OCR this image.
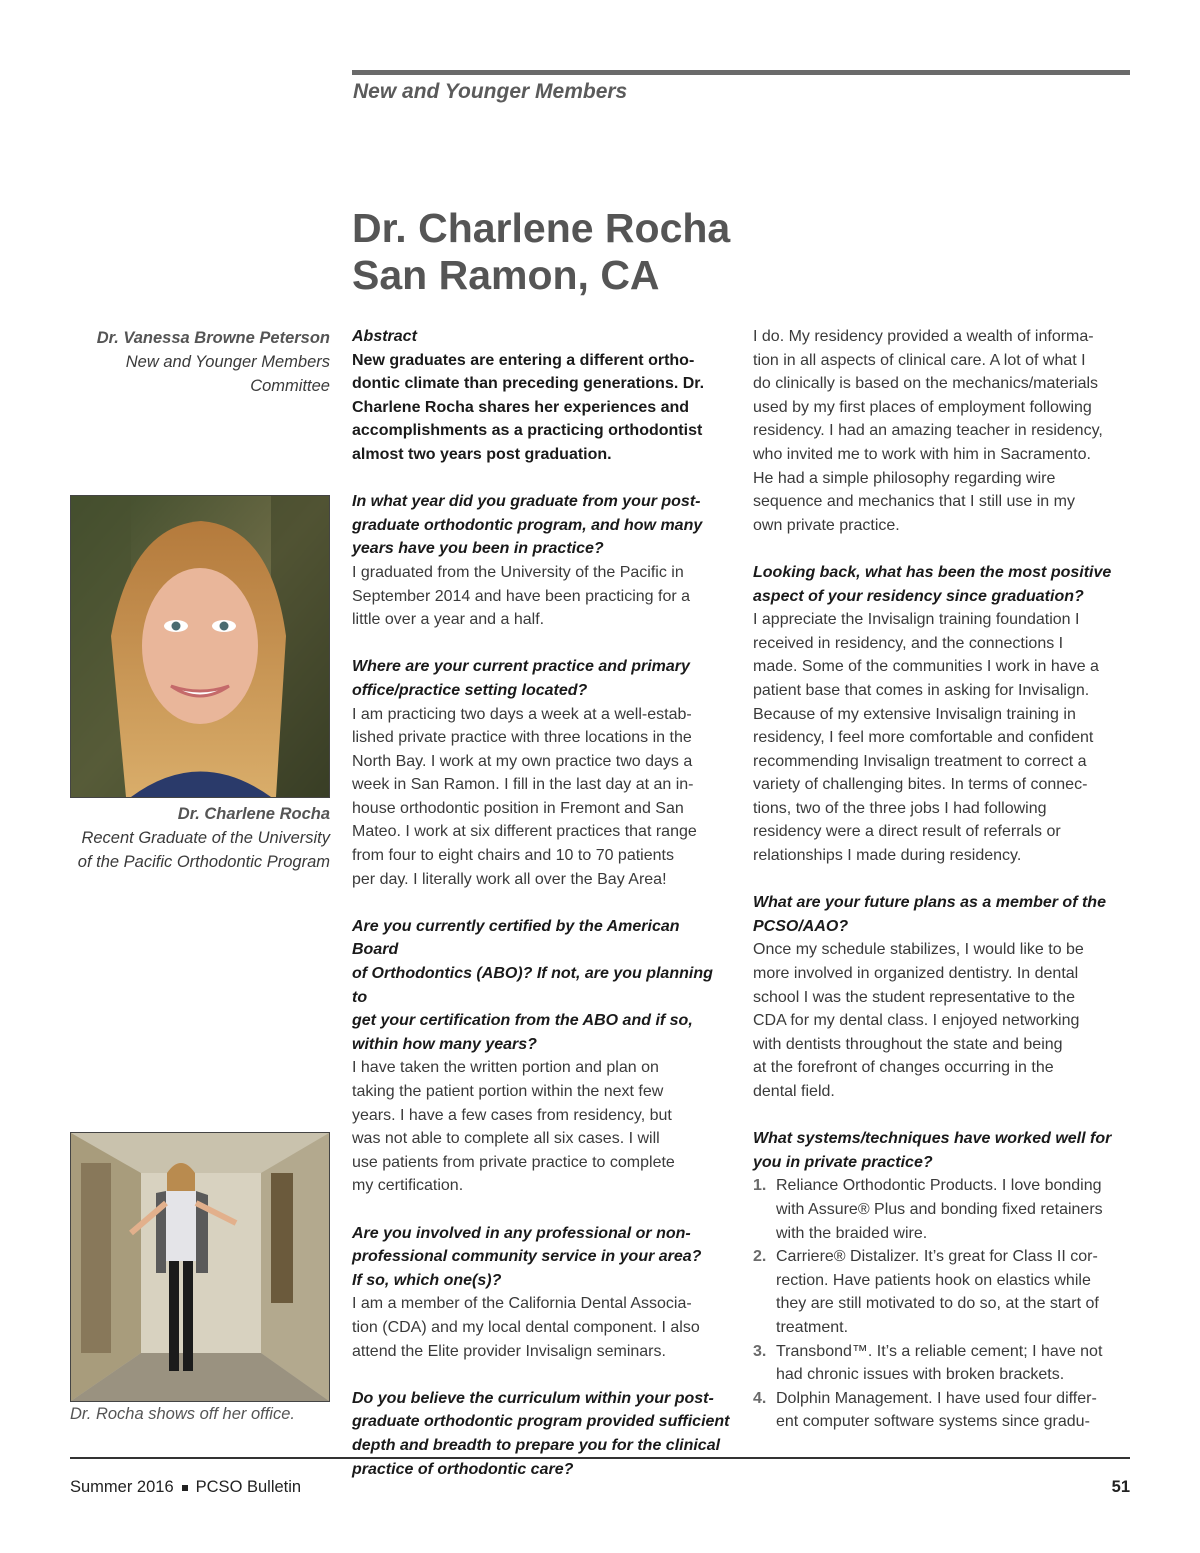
New and Younger Members
Dr. Charlene Rocha
San Ramon, CA
Dr. Vanessa Browne Peterson
New and Younger Members
Committee
Dr. Charlene Rocha
Recent Graduate of the University
of the Pacific Orthodontic Program
Dr. Rocha shows off her office.

Abstract

New graduates are entering a different ortho-

dontic climate than preceding generations. Dr.

Charlene Rocha shares her experiences and

accomplishments as a practicing orthodontist

almost two years post graduation.

In what year did you graduate from your post-

graduate orthodontic program, and how many

years have you been in practice?

I graduated from the University of the Pacific in

September 2014 and have been practicing for a

little over a year and a half.

Where are your current practice and primary

office/practice setting located?

I am practicing two days a week at a well-estab-

lished private practice with three locations in the

North Bay. I work at my own practice two days a

week in San Ramon. I fill in the last day at an in-

house orthodontic position in Fremont and San

Mateo. I work at six different practices that range

from four to eight chairs and 10 to 70 patients

per day. I literally work all over the Bay Area!

Are you currently certified by the American Board

of Orthodontics (ABO)? If not, are you planning to

get your certification from the ABO and if so,

within how many years?

I have taken the written portion and plan on

taking the patient portion within the next few

years. I have a few cases from residency, but

was not able to complete all six cases. I will

use patients from private practice to complete

my certification.

Are you involved in any professional or non-

professional community service in your area?

If so, which one(s)?

I am a member of the California Dental Associa-

tion (CDA) and my local dental component. I also

attend the Elite provider Invisalign seminars.

Do you believe the curriculum within your post-

graduate orthodontic program provided sufficient

depth and breadth to prepare you for the clinical

practice of orthodontic care?

I do. My residency provided a wealth of informa-

tion in all aspects of clinical care. A lot of what I

do clinically is based on the mechanics/materials

used by my first places of employment following

residency. I had an amazing teacher in residency,

who invited me to work with him in Sacramento.

He had a simple philosophy regarding wire

sequence and mechanics that I still use in my

own private practice.

Looking back, what has been the most positive

aspect of your residency since graduation?

I appreciate the Invisalign training foundation I

received in residency, and the connections I

made. Some of the communities I work in have a

patient base that comes in asking for Invisalign.

Because of my extensive Invisalign training in

residency, I feel more comfortable and confident

recommending Invisalign treatment to correct a

variety of challenging bites. In terms of connec-

tions, two of the three jobs I had following

residency were a direct result of referrals or

relationships I made during residency.

What are your future plans as a member of the

PCSO/AAO?

Once my schedule stabilizes, I would like to be

more involved in organized dentistry. In dental

school I was the student representative to the

CDA for my dental class. I enjoyed networking

with dentists throughout the state and being

at the forefront of changes occurring in the

dental field.

What systems/techniques have worked well for

you in private practice?

1. Reliance Orthodontic Products. I love bonding

with Assure® Plus and bonding fixed retainers

with the braided wire.

2. Carriere® Distalizer. It’s great for Class II cor-

rection. Have patients hook on elastics while

they are still motivated to do so, at the start of

treatment.

3. Transbond™. It’s a reliable cement; I have not

had chronic issues with broken brackets.

4. Dolphin Management. I have used four differ-

ent computer software systems since gradu-

Summer 2016 PCSO Bulletin	51
